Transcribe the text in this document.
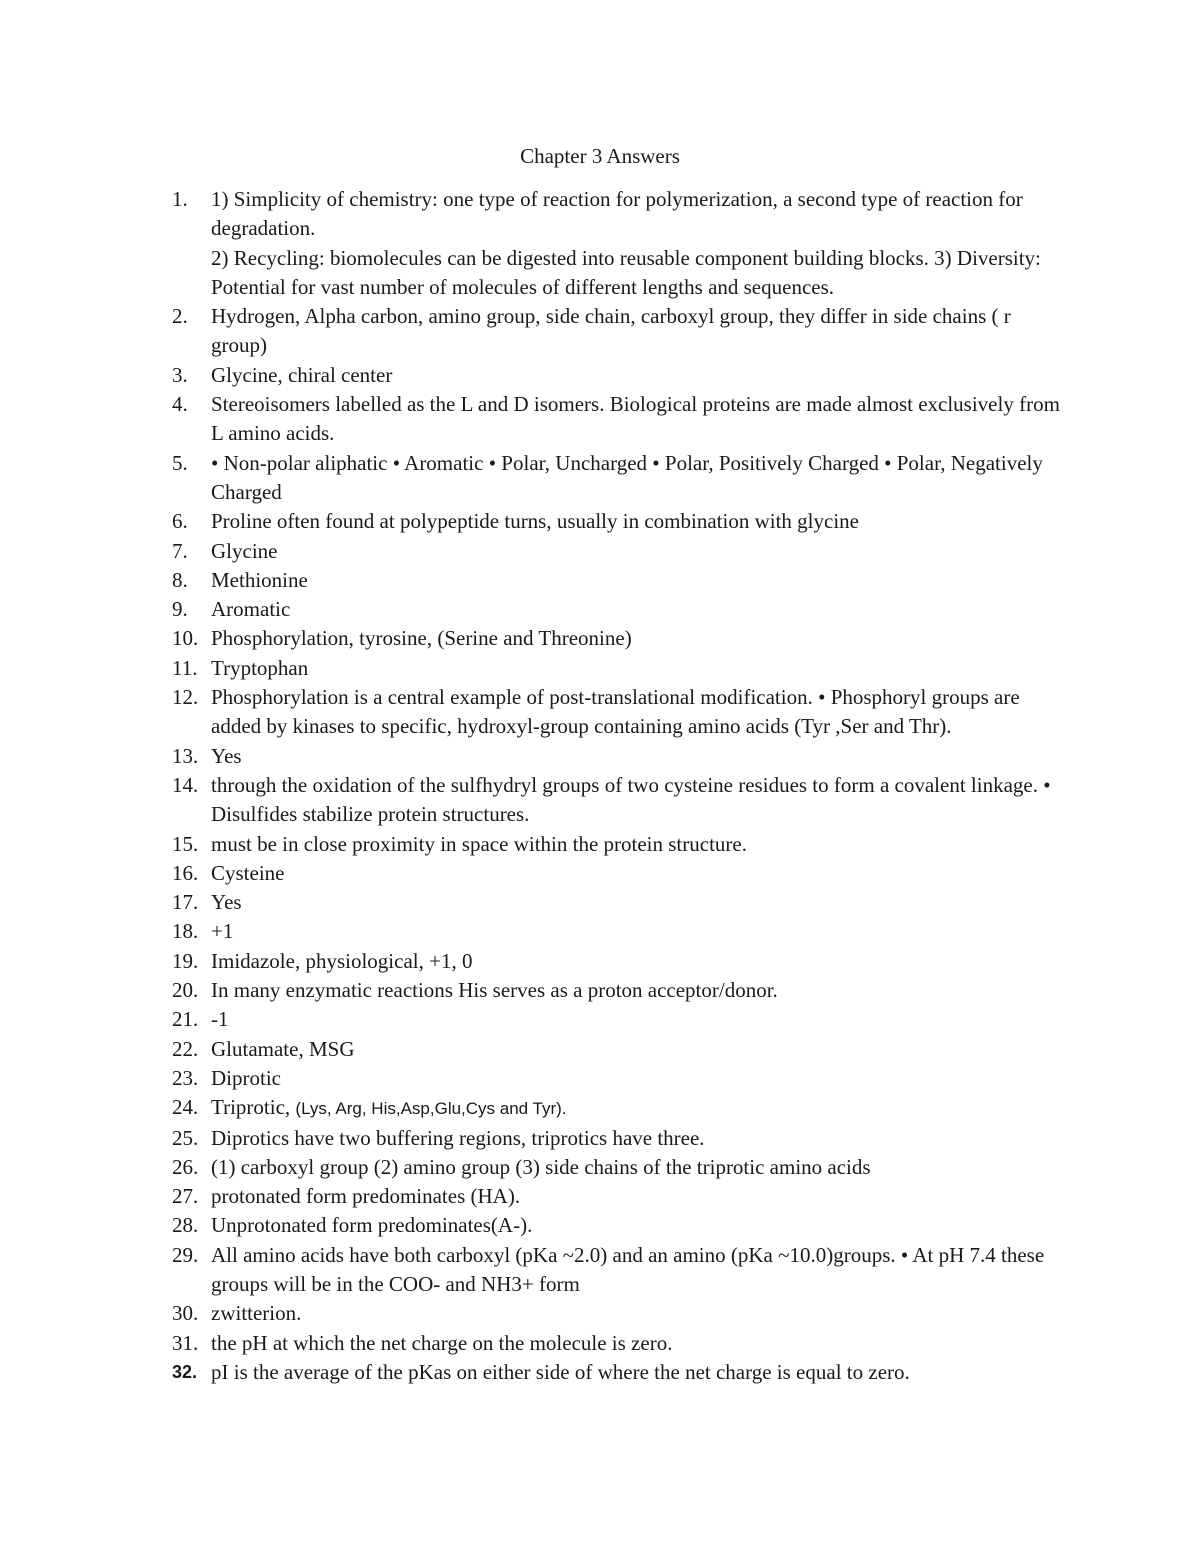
Chapter 3 Answers
1. 1) Simplicity of chemistry: one type of reaction for polymerization, a second type of reaction for degradation.
2) Recycling: biomolecules can be digested into reusable component building blocks. 3) Diversity: Potential for vast number of molecules of different lengths and sequences.
2. Hydrogen, Alpha carbon, amino group, side chain, carboxyl group, they differ in side chains ( r group)
3. Glycine, chiral center
4. Stereoisomers labelled as the L and D isomers. Biological proteins are made almost exclusively from L amino acids.
5. • Non-polar aliphatic • Aromatic • Polar, Uncharged • Polar, Positively Charged • Polar, Negatively Charged
6. Proline often found at polypeptide turns, usually in combination with glycine
7. Glycine
8. Methionine
9. Aromatic
10. Phosphorylation, tyrosine, (Serine and Threonine)
11. Tryptophan
12. Phosphorylation is a central example of post-translational modification. • Phosphoryl groups are added by kinases to specific, hydroxyl-group containing amino acids (Tyr ,Ser and Thr).
13. Yes
14. through the oxidation of the sulfhydryl groups of two cysteine residues to form a covalent linkage. • Disulfides stabilize protein structures.
15. must be in close proximity in space within the protein structure.
16. Cysteine
17. Yes
18. +1
19. Imidazole, physiological, +1, 0
20. In many enzymatic reactions His serves as a proton acceptor/donor.
21. -1
22. Glutamate, MSG
23. Diprotic
24. Triprotic, (Lys, Arg, His,Asp,Glu,Cys and Tyr).
25. Diprotics have two buffering regions, triprotics have three.
26. (1) carboxyl group (2) amino group (3) side chains of the triprotic amino acids
27. protonated form predominates (HA).
28. Unprotonated form predominates(A-).
29. All amino acids have both carboxyl (pKa ~2.0) and an amino (pKa ~10.0)groups. • At pH 7.4 these groups will be in the COO- and NH3+ form
30. zwitterion.
31. the pH at which the net charge on the molecule is zero.
32. pI is the average of the pKas on either side of where the net charge is equal to zero.
